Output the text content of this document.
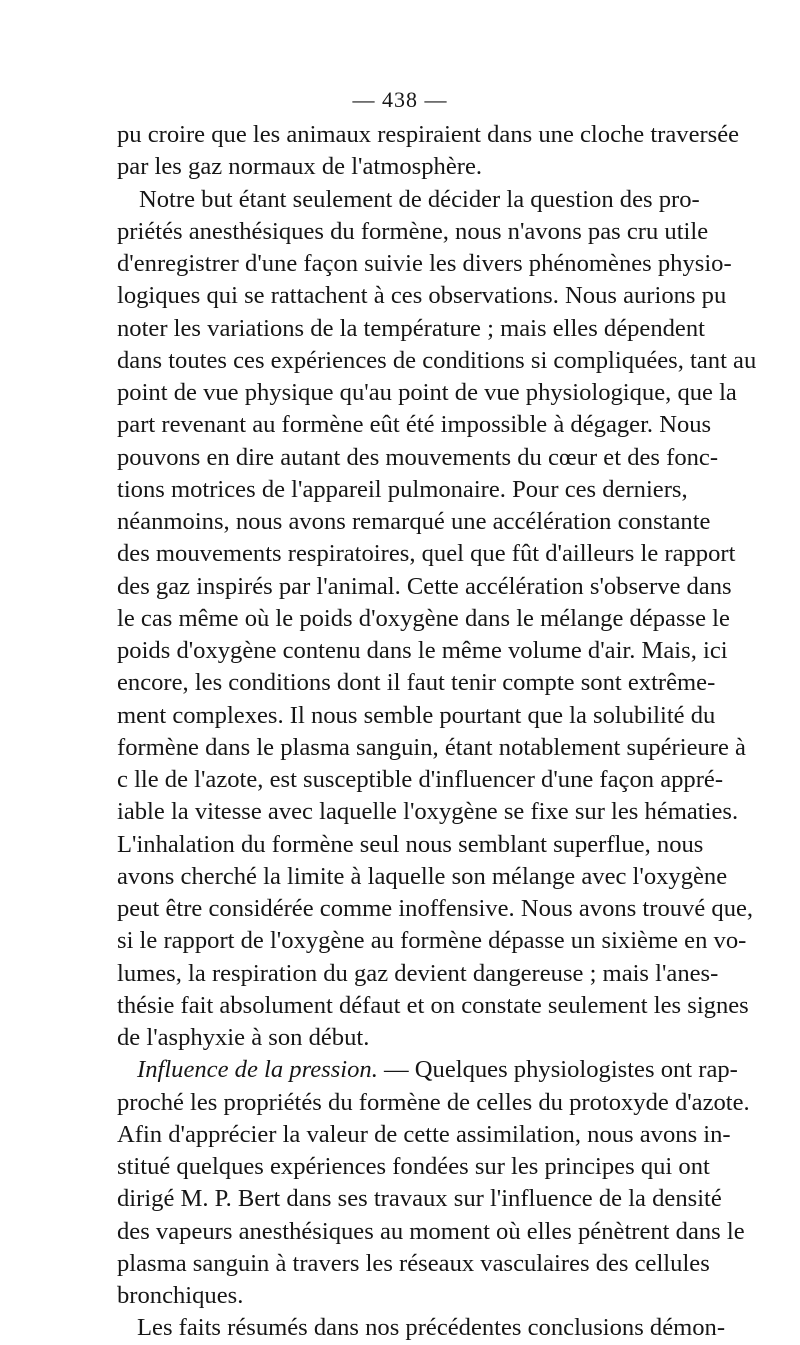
— 438 —
pu croire que les animaux respiraient dans une cloche traversée
par les gaz normaux de l'atmosphère.
Notre but étant seulement de décider la question des pro-
priétés anesthésiques du formène, nous n'avons pas cru utile
d'enregistrer d'une façon suivie les divers phénomènes physio-
logiques qui se rattachent à ces observations. Nous aurions pu
noter les variations de la température ; mais elles dépendent
dans toutes ces expériences de conditions si compliquées, tant au
point de vue physique qu'au point de vue physiologique, que la
part revenant au formène eût été impossible à dégager. Nous
pouvons en dire autant des mouvements du cœur et des fonc-
tions motrices de l'appareil pulmonaire. Pour ces derniers,
néanmoins, nous avons remarqué une accélération constante
des mouvements respiratoires, quel que fût d'ailleurs le rapport
des gaz inspirés par l'animal. Cette accélération s'observe dans
le cas même où le poids d'oxygène dans le mélange dépasse le
poids d'oxygène contenu dans le même volume d'air. Mais, ici
encore, les conditions dont il faut tenir compte sont extrême-
ment complexes. Il nous semble pourtant que la solubilité du
formène dans le plasma sanguin, étant notablement supérieure à
c lle de l'azote, est susceptible d'influencer d'une façon appré-
iable la vitesse avec laquelle l'oxygène se fixe sur les hématies.
L'inhalation du formène seul nous semblant superflue, nous
avons cherché la limite à laquelle son mélange avec l'oxygène
peut être considérée comme inoffensive. Nous avons trouvé que,
si le rapport de l'oxygène au formène dépasse un sixième en vo-
lumes, la respiration du gaz devient dangereuse ; mais l'anes-
thésie fait absolument défaut et on constate seulement les signes
de l'asphyxie à son début.
Influence de la pression. — Quelques physiologistes ont rap-
proché les propriétés du formène de celles du protoxyde d'azote.
Afin d'apprécier la valeur de cette assimilation, nous avons in-
stitué quelques expériences fondées sur les principes qui ont
dirigé M. P. Bert dans ses travaux sur l'influence de la densité
des vapeurs anesthésiques au moment où elles pénètrent dans le
plasma sanguin à travers les réseaux vasculaires des cellules
bronchiques.
Les faits résumés dans nos précédentes conclusions démon-
